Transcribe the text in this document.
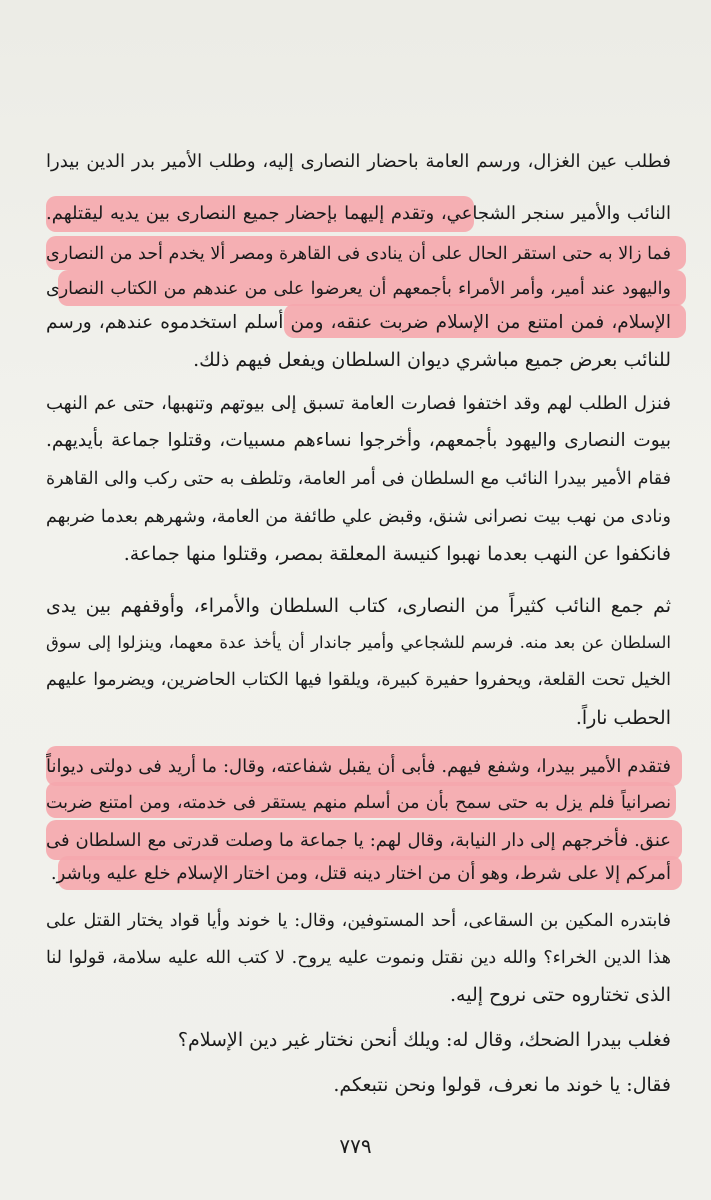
فطلب عين الغزال، ورسم العامة باحضار النصارى إليه، وطلب الأمير بدر الدين بيدرا
النائب والأمير سنجر الشجاعي، وتقدم إليهما بإحضار جميع النصارى بين يديه ليقتلهم.
فما زالا به حتى استقر الحال على أن ينادى فى القاهرة ومصر ألا يخدم أحد من النصارى
واليهود عند أمير، وأمر الأمراء بأجمعهم أن يعرضوا على من عندهم من الكتاب النصارى
الإسلام، فمن امتنع من الإسلام ضربت عنقه، ومن أسلم استخدموه عندهم، ورسم
للنائب بعرض جميع مباشري ديوان السلطان ويفعل فيهم ذلك.
فنزل الطلب لهم وقد اختفوا فصارت العامة تسبق إلى بيوتهم وتنهبها، حتى عم النهب
بيوت النصارى واليهود بأجمعهم، وأخرجوا نساءهم مسبيات، وقتلوا جماعة بأيديهم.
فقام الأمير بيدرا النائب مع السلطان فى أمر العامة، وتلطف به حتى ركب والى القاهرة
ونادى من نهب بيت نصرانى شنق، وقبض علي طائفة من العامة، وشهرهم بعدما ضربهم
فانكفوا عن النهب بعدما نهبوا كنيسة المعلقة بمصر، وقتلوا منها جماعة.
ثم جمع النائب كثيراً من النصارى، كتاب السلطان والأمراء، وأوقفهم بين يدى
السلطان عن بعد منه. فرسم للشجاعي وأمير جاندار أن يأخذ عدة معهما، وينزلوا إلى سوق
الخيل تحت القلعة، ويحفروا حفيرة كبيرة، ويلقوا فيها الكتاب الحاضرين، ويضرموا عليهم
الحطب ناراً.
فتقدم الأمير بيدرا، وشفع فيهم. فأبى أن يقبل شفاعته، وقال: ما أريد فى دولتى ديواناً
نصرانياً فلم يزل به حتى سمح بأن من أسلم منهم يستقر فى خدمته، ومن امتنع ضربت
عنق. فأخرجهم إلى دار النيابة، وقال لهم: يا جماعة ما وصلت قدرتى مع السلطان فى
أمركم إلا على شرط، وهو أن من اختار دينه قتل، ومن اختار الإسلام خلع عليه وباشر.
فابتدره المكين بن السقاعى، أحد المستوفين، وقال: يا خوند وأيا قواد يختار القتل على
هذا الدين الخراء؟ والله دين نقتل ونموت عليه يروح. لا كتب الله عليه سلامة، قولوا لنا
الذى تختاروه حتى نروح إليه.
فغلب بيدرا الضحك، وقال له: ويلك أنحن نختار غير دين الإسلام؟
فقال: يا خوند ما نعرف، قولوا ونحن نتبعكم.
٧٧٩
